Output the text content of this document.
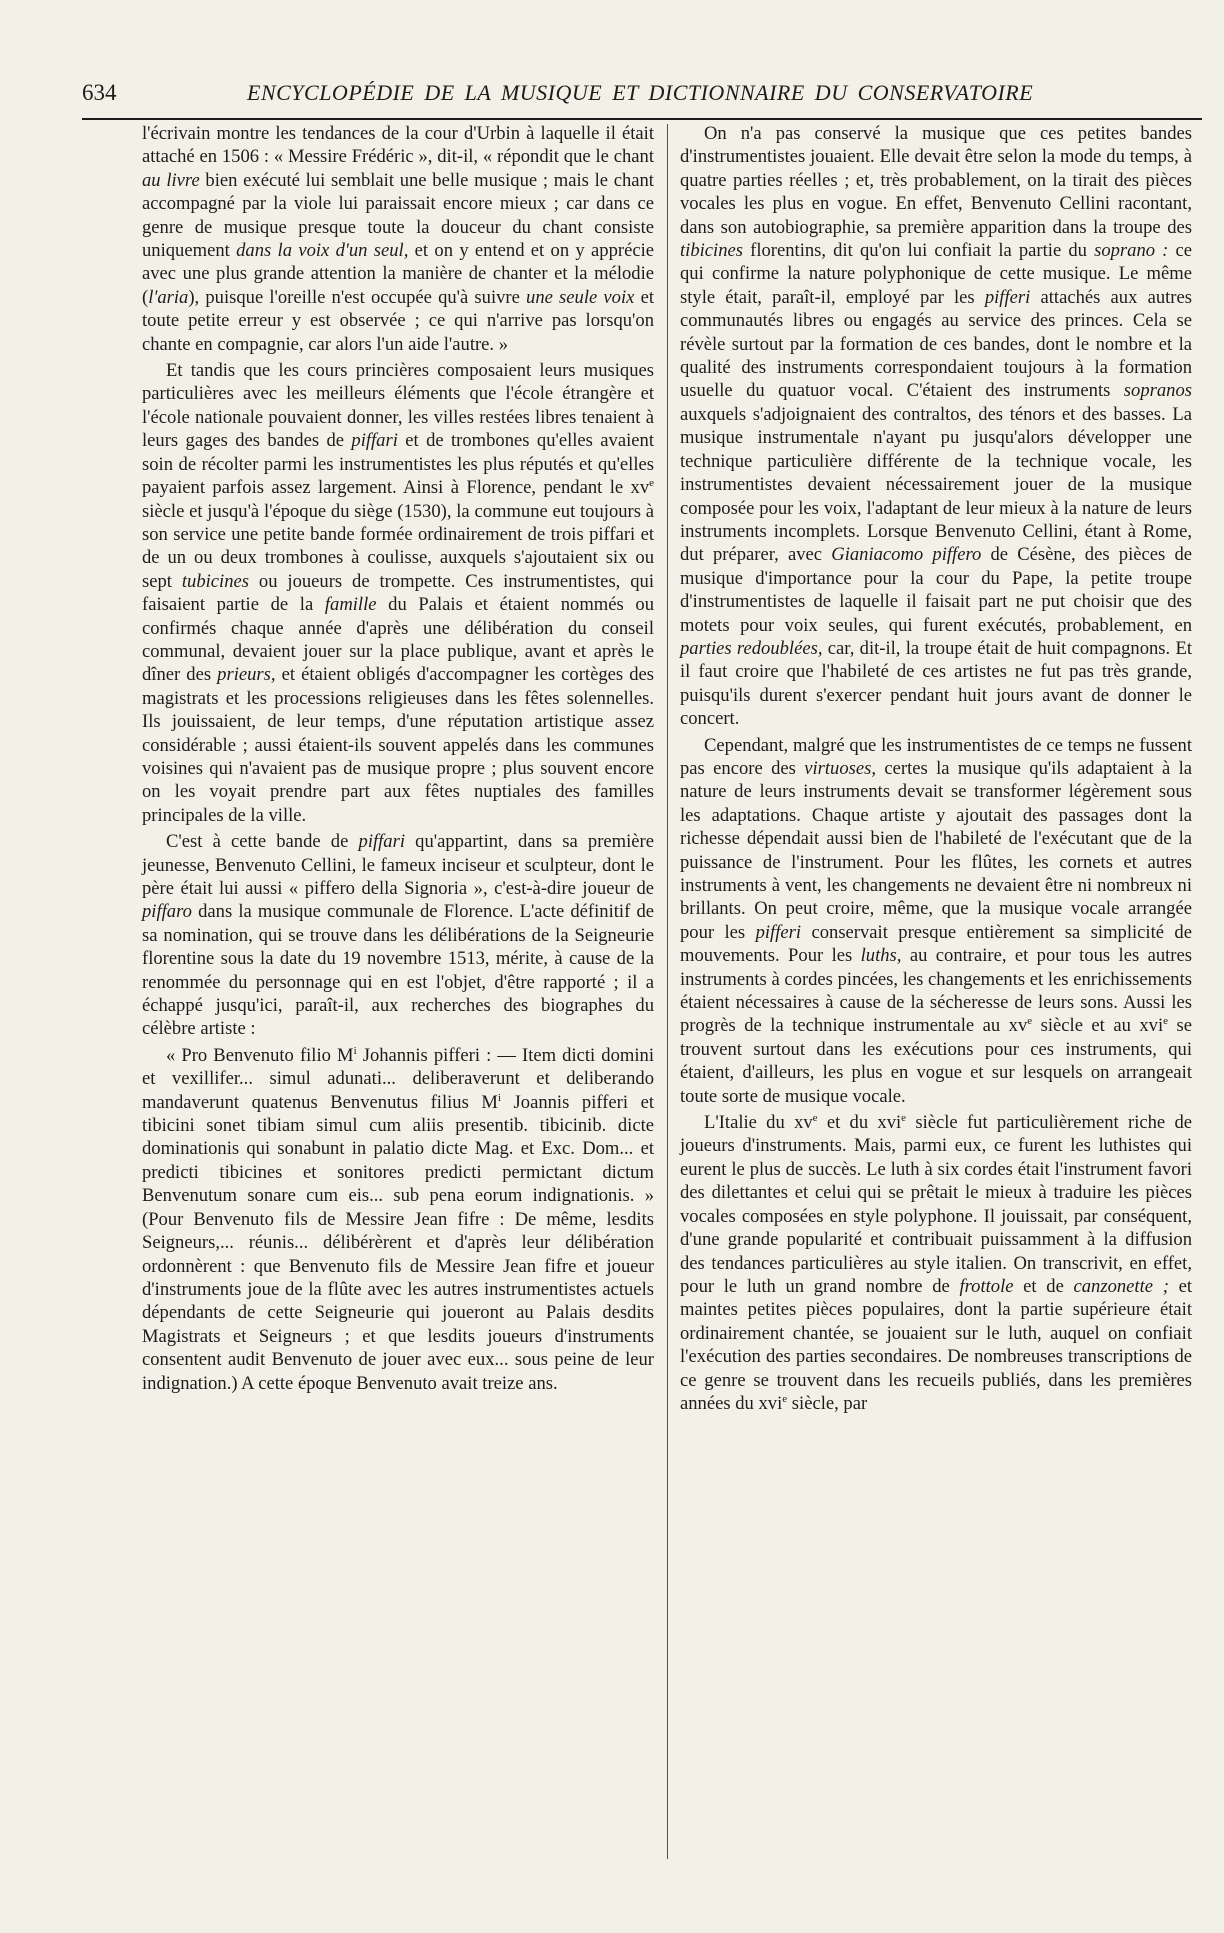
634	ENCYCLOPÉDIE DE LA MUSIQUE ET DICTIONNAIRE DU CONSERVATOIRE

l'écrivain montre les tendances de la cour d'Urbin à laquelle il était attaché en 1506 : « Messire Frédéric », dit-il, « répondit que le chant au livre bien exécuté lui semblait une belle musique ; mais le chant accompagné par la viole lui paraissait encore mieux ; car dans ce genre de musique presque toute la douceur du chant consiste uniquement dans la voix d'un seul, et on y entend et on y apprécie avec une plus grande attention la manière de chanter et la mélodie (l'aria), puisque l'oreille n'est occupée qu'à suivre une seule voix et toute petite erreur y est observée ; ce qui n'arrive pas lorsqu'on chante en compagnie, car alors l'un aide l'autre. »

Et tandis que les cours princières composaient leurs musiques particulières avec les meilleurs éléments que l'école étrangère et l'école nationale pouvaient donner, les villes restées libres tenaient à leurs gages des bandes de piffari et de trombones qu'elles avaient soin de récolter parmi les instrumentistes les plus réputés et qu'elles payaient parfois assez largement. Ainsi à Florence, pendant le $xv^e$ siècle et jusqu'à l'époque du siège (1530), la commune eut toujours à son service une petite bande formée ordinairement de trois piffari et de un ou deux trombones à coulisse, auxquels s'ajoutaient six ou sept tubicines ou joueurs de trompette. Ces instrumentistes, qui faisaient partie de la famille du Palais et étaient nommés ou confirmés chaque année d'après une délibération du conseil communal, devaient jouer sur la place publique, avant et après le dîner des prieurs, et étaient obligés d'accompagner les cortèges des magistrats et les processions religieuses dans les fêtes solennelles. Ils jouissaient, de leur temps, d'une réputation artistique assez considérable ; aussi étaient-ils souvent appelés dans les communes voisines qui n'avaient pas de musique propre ; plus souvent encore on les voyait prendre part aux fêtes nuptiales des familles principales de la ville.

C'est à cette bande de piffari qu'appartint, dans sa première jeunesse, Benvenuto Cellini, le fameux inciseur et sculpteur, dont le père était lui aussi « piffero della Signoria », c'est-à-dire joueur de piffaro dans la musique communale de Florence. L'acte définitif de sa nomination, qui se trouve dans les délibérations de la Seigneurie florentine sous la date du 19 novembre 1513, mérite, à cause de la renommée du personnage qui en est l'objet, d'être rapporté ; il a échappé jusqu'ici, paraît-il, aux recherches des biographes du célèbre artiste :

« Pro Benvenuto filio $M^i$ Johannis pifferi : — Item dicti domini et vexillifer... simul adunati... deliberaverunt et deliberando mandaverunt quatenus Benvenutus filius $M^i$ Joannis pifferi et tibicini sonet tibiam simul cum aliis presentib. tibicinib. dicte dominationis qui sonabunt in palatio dicte Mag. et Exc. Dom... et predicti tibicines et sonitores predicti permictant dictum Benvenutum sonare cum eis... sub pena eorum indignationis. » (Pour Benvenuto fils de Messire Jean fifre : De même, lesdits Seigneurs,... réunis... délibérèrent et d'après leur délibération ordonnèrent : que Benvenuto fils de Messire Jean fifre et joueur d'instruments joue de la flûte avec les autres instrumentistes actuels dépendants de cette Seigneurie qui joueront au Palais desdits Magistrats et Seigneurs ; et que lesdits joueurs d'instruments consentent audit Benvenuto de jouer avec eux... sous peine de leur indignation.) A cette époque Benvenuto avait treize ans.

On n'a pas conservé la musique que ces petites bandes d'instrumentistes jouaient. Elle devait être selon la mode du temps, à quatre parties réelles ; et, très probablement, on la tirait des pièces vocales les plus en vogue. En effet, Benvenuto Cellini racontant, dans son autobiographie, sa première apparition dans la troupe des tibicines florentins, dit qu'on lui confiait la partie du soprano : ce qui confirme la nature polyphonique de cette musique. Le même style était, paraît-il, employé par les pifferi attachés aux autres communautés libres ou engagés au service des princes. Cela se révèle surtout par la formation de ces bandes, dont le nombre et la qualité des instruments correspondaient toujours à la formation usuelle du quatuor vocal. C'étaient des instruments sopranos auxquels s'adjoignaient des contraltos, des ténors et des basses. La musique instrumentale n'ayant pu jusqu'alors développer une technique particulière différente de la technique vocale, les instrumentistes devaient nécessairement jouer de la musique composée pour les voix, l'adaptant de leur mieux à la nature de leurs instruments incomplets. Lorsque Benvenuto Cellini, étant à Rome, dut préparer, avec Gianiacomo piffero de Césène, des pièces de musique d'importance pour la cour du Pape, la petite troupe d'instrumentistes de laquelle il faisait part ne put choisir que des motets pour voix seules, qui furent exécutés, probablement, en parties redoublées, car, dit-il, la troupe était de huit compagnons. Et il faut croire que l'habileté de ces artistes ne fut pas très grande, puisqu'ils durent s'exercer pendant huit jours avant de donner le concert.

Cependant, malgré que les instrumentistes de ce temps ne fussent pas encore des virtuoses, certes la musique qu'ils adaptaient à la nature de leurs instruments devait se transformer légèrement sous les adaptations. Chaque artiste y ajoutait des passages dont la richesse dépendait aussi bien de l'habileté de l'exécutant que de la puissance de l'instrument. Pour les flûtes, les cornets et autres instruments à vent, les changements ne devaient être ni nombreux ni brillants. On peut croire, même, que la musique vocale arrangée pour les pifferi conservait presque entièrement sa simplicité de mouvements. Pour les luths, au contraire, et pour tous les autres instruments à cordes pincées, les changements et les enrichissements étaient nécessaires à cause de la sécheresse de leurs sons. Aussi les progrès de la technique instrumentale au $xv^e$ siècle et au xvi$^e$ se trouvent surtout dans les exécutions pour ces instruments, qui étaient, d'ailleurs, les plus en vogue et sur lesquels on arrangeait toute sorte de musique vocale.

L'Italie du $xv^e$ et du xvi$^e$ siècle fut particulièrement riche de joueurs d'instruments. Mais, parmi eux, ce furent les luthistes qui eurent le plus de succès. Le luth à six cordes était l'instrument favori des dilettantes et celui qui se prêtait le mieux à traduire les pièces vocales composées en style polyphone. Il jouissait, par conséquent, d'une grande popularité et contribuait puissamment à la diffusion des tendances particulières au style italien. On transcrivit, en effet, pour le luth un grand nombre de frottole et de canzonette ; et maintes petites pièces populaires, dont la partie supérieure était ordinairement chantée, se jouaient sur le luth, auquel on confiait l'exécution des parties secondaires. De nombreuses transcriptions de ce genre se trouvent dans les recueils publiés, dans les premières années du xvi$^e$ siècle, par
